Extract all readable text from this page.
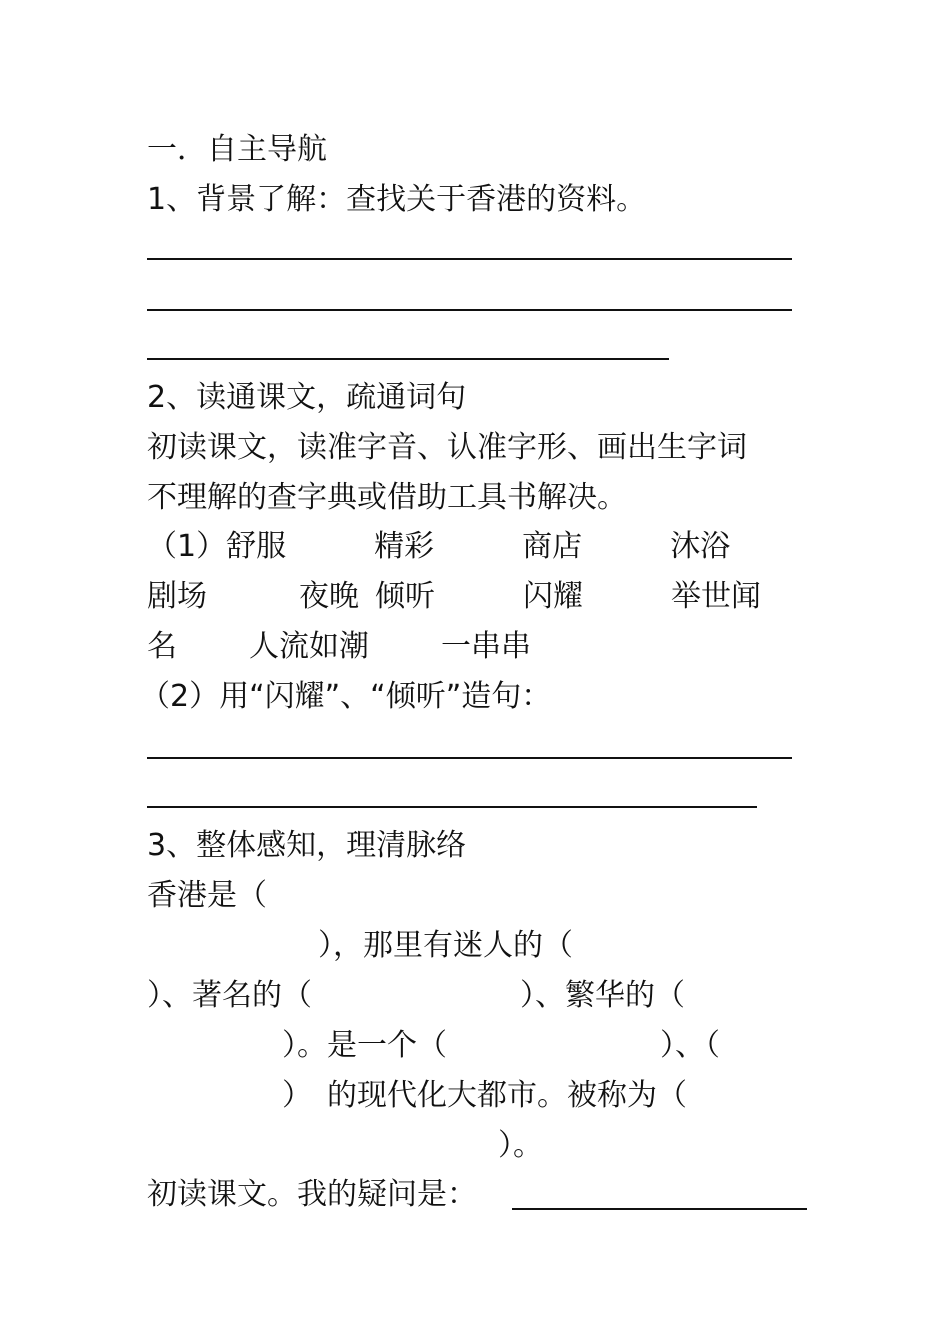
一．自主导航
1、背景了解：查找关于香港的资料。
2、读通课文，疏通词句
初读课文，读准字音、认准字形、画出生字词
不理解的查字典或借助工具书解决。
（1）舒服	精彩	商店	沐浴
剧场	夜晚 倾听	闪耀	举世闻
名 人流如潮 一串串
（2）用“闪耀”、“倾听”造句：
3、整体感知，理清脉络
香港是（
），那里有迷人的（
）、著名的（	）、繁华的（
）。是一个（	）、（
）　的现代化大都市。被称为（
）。
初读课文。我的疑问是：
